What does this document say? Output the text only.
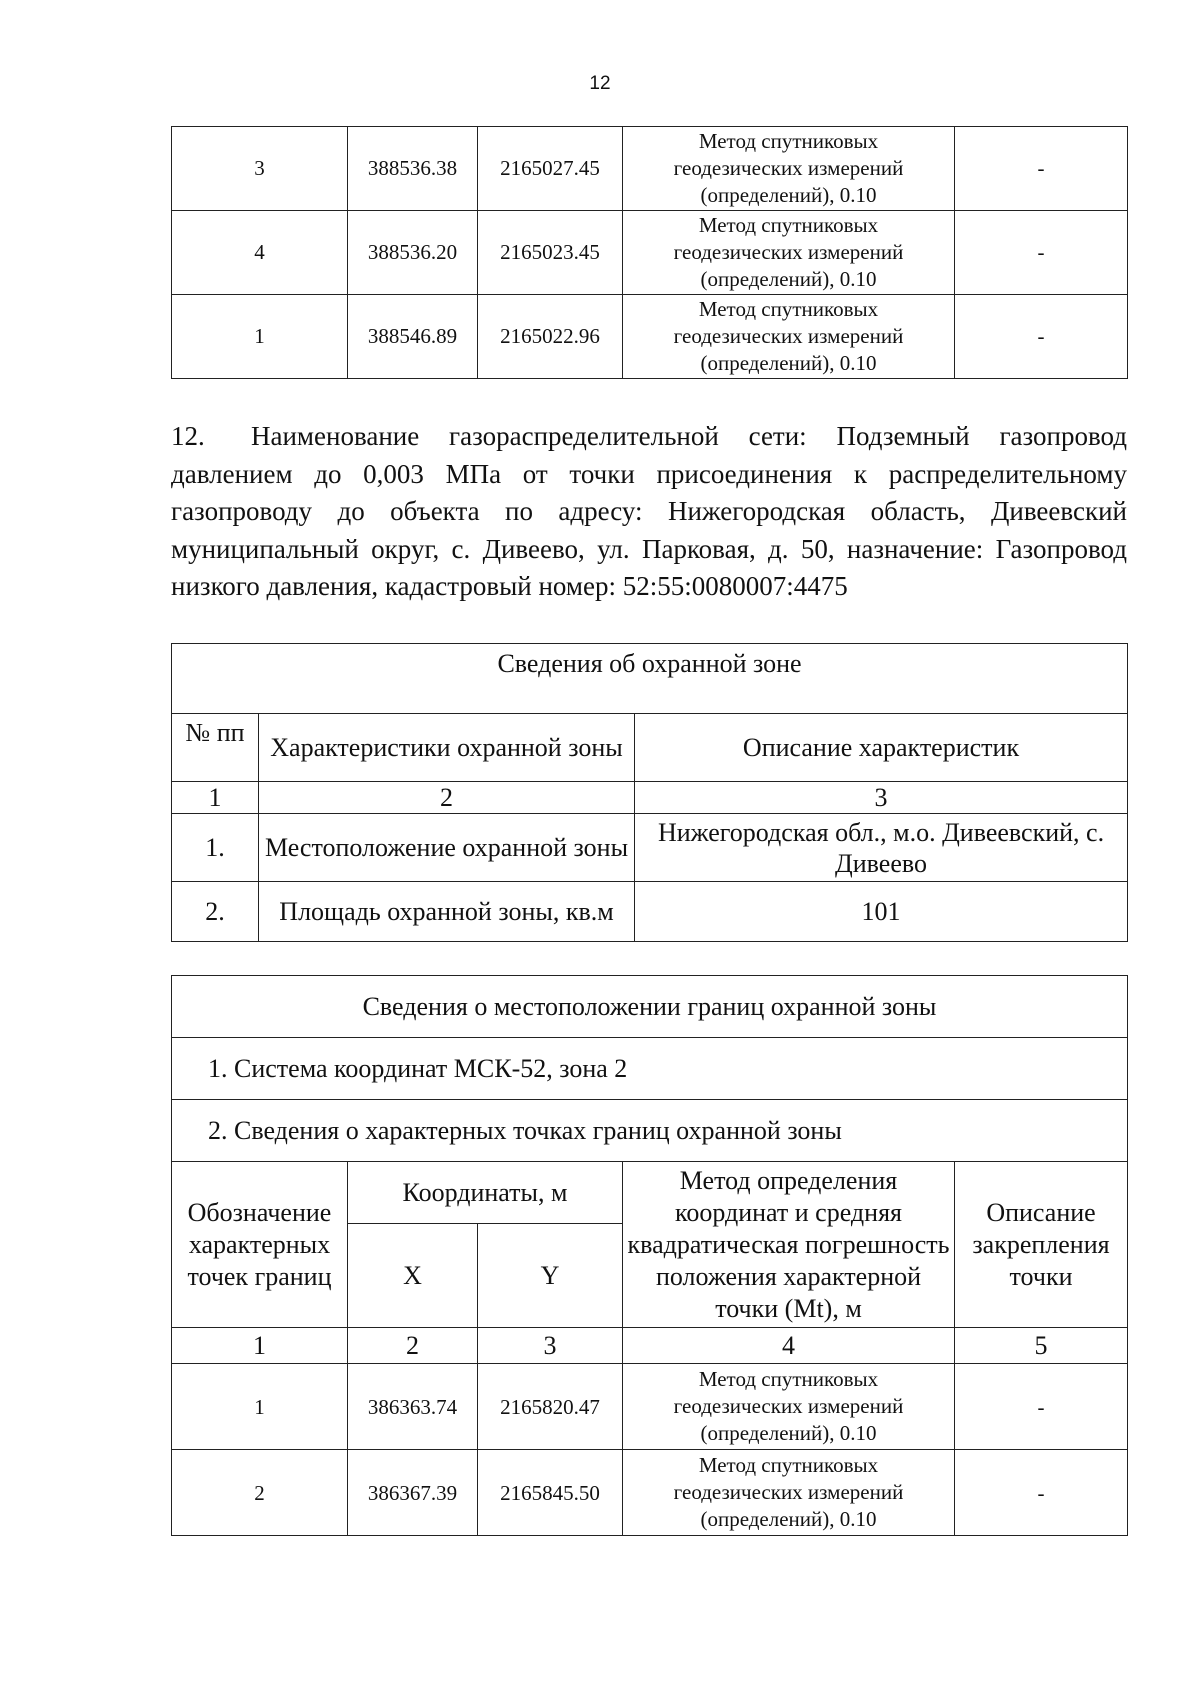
12
3	388536.38	2165027.45	Метод спутниковых
геодезических измерений
(определений), 0.10	-
4	388536.20	2165023.45	Метод спутниковых
геодезических измерений
(определений), 0.10	-
1	388546.89	2165022.96	Метод спутниковых
геодезических измерений
(определений), 0.10	-

12. Наименование газораспределительной сети: Подземный газопровод давлением до 0,003 МПа от точки присоединения к распределительному газопроводу до объекта по адресу: Нижегородская область, Дивеевский муниципальный округ, с. Дивеево, ул. Парковая, д. 50, назначение: Газопровод низкого давления, кадастровый номер: 52:55:0080007:4475

Сведения об охранной зоне		
№ пп	Характеристики охранной зоны	Описание характеристик
1	2	3
1.	Местоположение охранной зоны	Нижегородская обл., м.о. Дивеевский, с. Дивеево
2.	Площадь охранной зоны, кв.м	101
Сведения о местоположении границ охранной зоны				
1. Система координат МСК-52, зона 2				
2. Сведения о характерных точках границ охранной зоны				
Обозначение характерных точек границ	Координаты, м		Метод определения координат и средняя квадратическая погрешность положения характерной точки (Mt), м	Описание закрепления точки
	X	Y		
1	2	3	4	5
1	386363.74	2165820.47	Метод спутниковых
геодезических измерений
(определений), 0.10	-
2	386367.39	2165845.50	Метод спутниковых
геодезических измерений
(определений), 0.10	-
